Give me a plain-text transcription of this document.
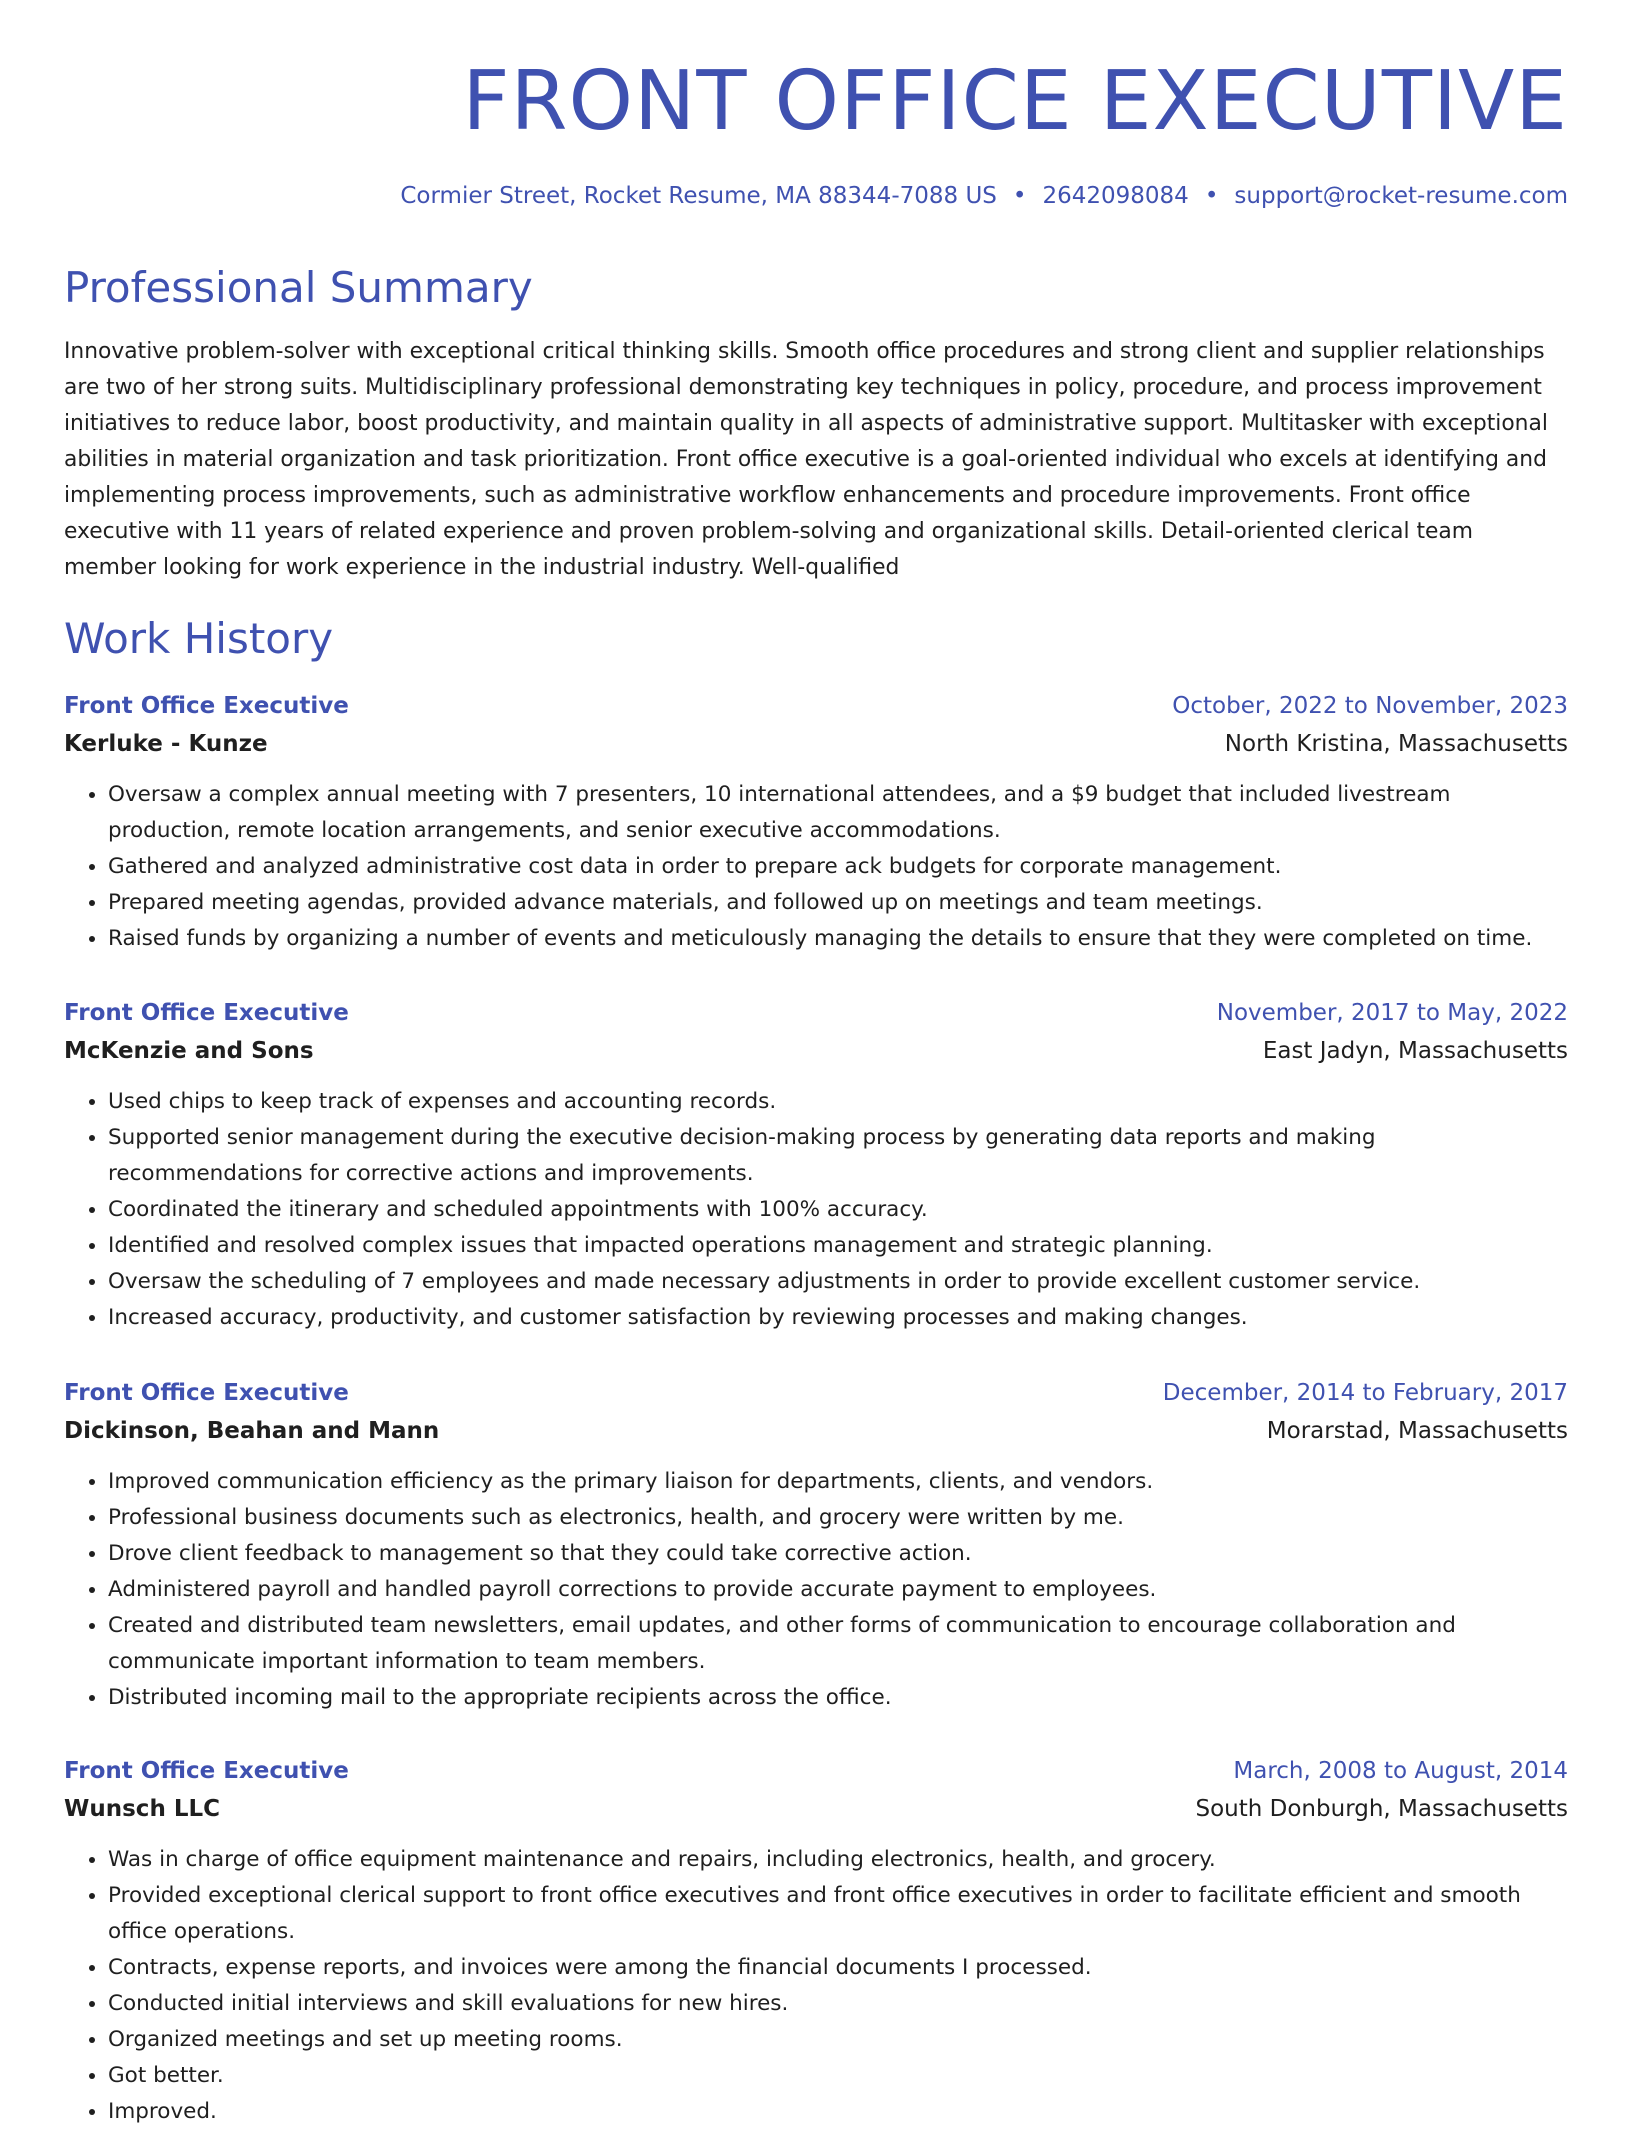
FRONT OFFICE EXECUTIVE
Cormier Street, Rocket Resume, MA 88344-7088 US • 2642098084 • support@rocket-resume.com
Professional Summary

Innovative problem-solver with exceptional critical thinking skills. Smooth office procedures and strong client and supplier relationships are two of her strong suits. Multidisciplinary professional demonstrating key techniques in policy, procedure, and process improvement initiatives to reduce labor, boost productivity, and maintain quality in all aspects of administrative support. Multitasker with exceptional abilities in material organization and task prioritization. Front office executive is a goal-oriented individual who excels at identifying and implementing process improvements, such as administrative workflow enhancements and procedure improvements. Front office executive with 11 years of related experience and proven problem-solving and organizational skills. Detail-oriented clerical team member looking for work experience in the industrial industry. Well-qualified

Work History
Front Office Executive	October, 2022 to November, 2023
Kerluke - Kunze	North Kristina, Massachusetts
• Oversaw a complex annual meeting with 7 presenters, 10 international attendees, and a $9 budget that included livestream production, remote location arrangements, and senior executive accommodations.
• Gathered and analyzed administrative cost data in order to prepare ack budgets for corporate management.
• Prepared meeting agendas, provided advance materials, and followed up on meetings and team meetings.
• Raised funds by organizing a number of events and meticulously managing the details to ensure that they were completed on time.
Front Office Executive	November, 2017 to May, 2022
McKenzie and Sons	East Jadyn, Massachusetts
• Used chips to keep track of expenses and accounting records.
• Supported senior management during the executive decision-making process by generating data reports and making recommendations for corrective actions and improvements.
• Coordinated the itinerary and scheduled appointments with 100% accuracy.
• Identified and resolved complex issues that impacted operations management and strategic planning.
• Oversaw the scheduling of 7 employees and made necessary adjustments in order to provide excellent customer service.
• Increased accuracy, productivity, and customer satisfaction by reviewing processes and making changes.
Front Office Executive	December, 2014 to February, 2017
Dickinson, Beahan and Mann	Morarstad, Massachusetts
• Improved communication efficiency as the primary liaison for departments, clients, and vendors.
• Professional business documents such as electronics, health, and grocery were written by me.
• Drove client feedback to management so that they could take corrective action.
• Administered payroll and handled payroll corrections to provide accurate payment to employees.
• Created and distributed team newsletters, email updates, and other forms of communication to encourage collaboration and communicate important information to team members.
• Distributed incoming mail to the appropriate recipients across the office.
Front Office Executive	March, 2008 to August, 2014
Wunsch LLC	South Donburgh, Massachusetts
• Was in charge of office equipment maintenance and repairs, including electronics, health, and grocery.
• Provided exceptional clerical support to front office executives and front office executives in order to facilitate efficient and smooth office operations.
• Contracts, expense reports, and invoices were among the financial documents I processed.
• Conducted initial interviews and skill evaluations for new hires.
• Organized meetings and set up meeting rooms.
• Got better.
• Improved.
